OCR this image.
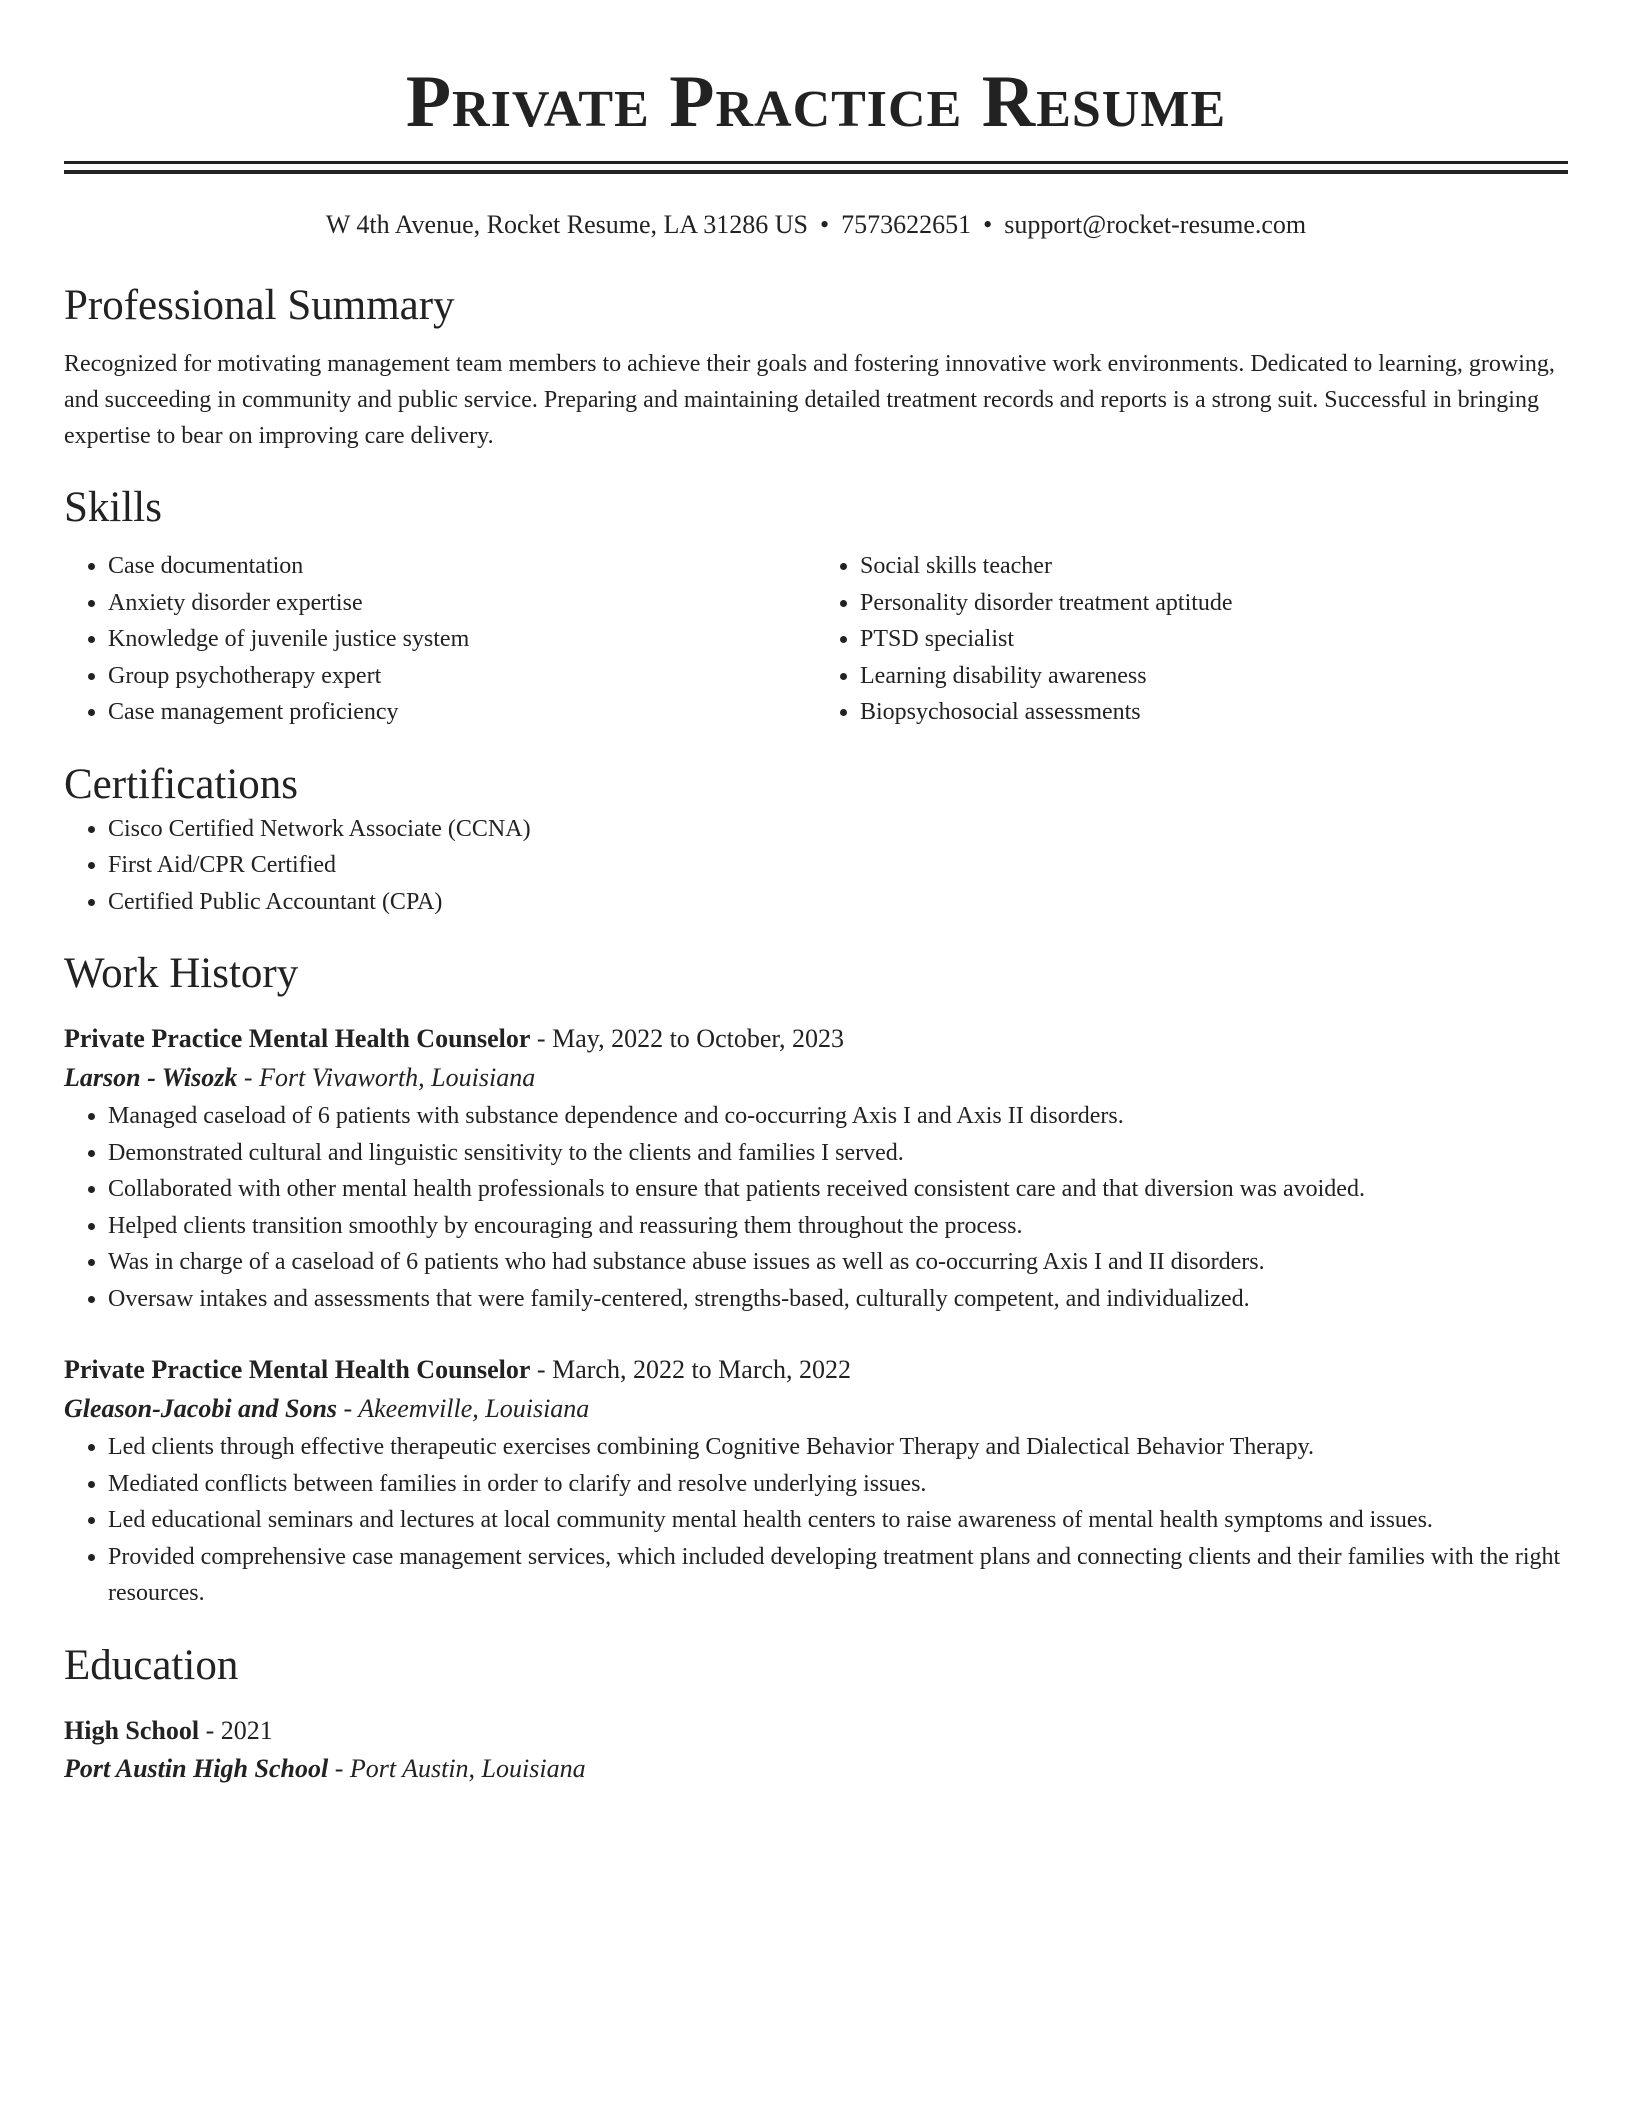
Private Practice Resume
W 4th Avenue, Rocket Resume, LA 31286 US • 7573622651 • support@rocket-resume.com
Professional Summary

Recognized for motivating management team members to achieve their goals and fostering innovative work environments. Dedicated to learning, growing, and succeeding in community and public service. Preparing and maintaining detailed treatment records and reports is a strong suit. Successful in bringing expertise to bear on improving care delivery.

Skills
• Case documentation
• Anxiety disorder expertise
• Knowledge of juvenile justice system
• Group psychotherapy expert
• Case management proficiency
• Social skills teacher
• Personality disorder treatment aptitude
• PTSD specialist
• Learning disability awareness
• Biopsychosocial assessments
Certifications
• Cisco Certified Network Associate (CCNA)
• First Aid/CPR Certified
• Certified Public Accountant (CPA)
Work History
Private Practice Mental Health Counselor - May, 2022 to October, 2023
Larson - Wisozk - Fort Vivaworth, Louisiana
• Managed caseload of 6 patients with substance dependence and co-occurring Axis I and Axis II disorders.
• Demonstrated cultural and linguistic sensitivity to the clients and families I served.
• Collaborated with other mental health professionals to ensure that patients received consistent care and that diversion was avoided.
• Helped clients transition smoothly by encouraging and reassuring them throughout the process.
• Was in charge of a caseload of 6 patients who had substance abuse issues as well as co-occurring Axis I and II disorders.
• Oversaw intakes and assessments that were family-centered, strengths-based, culturally competent, and individualized.
Private Practice Mental Health Counselor - March, 2022 to March, 2022
Gleason-Jacobi and Sons - Akeemville, Louisiana
• Led clients through effective therapeutic exercises combining Cognitive Behavior Therapy and Dialectical Behavior Therapy.
• Mediated conflicts between families in order to clarify and resolve underlying issues.
• Led educational seminars and lectures at local community mental health centers to raise awareness of mental health symptoms and issues.
• Provided comprehensive case management services, which included developing treatment plans and connecting clients and their families with the right resources.
Education
High School - 2021
Port Austin High School - Port Austin, Louisiana
